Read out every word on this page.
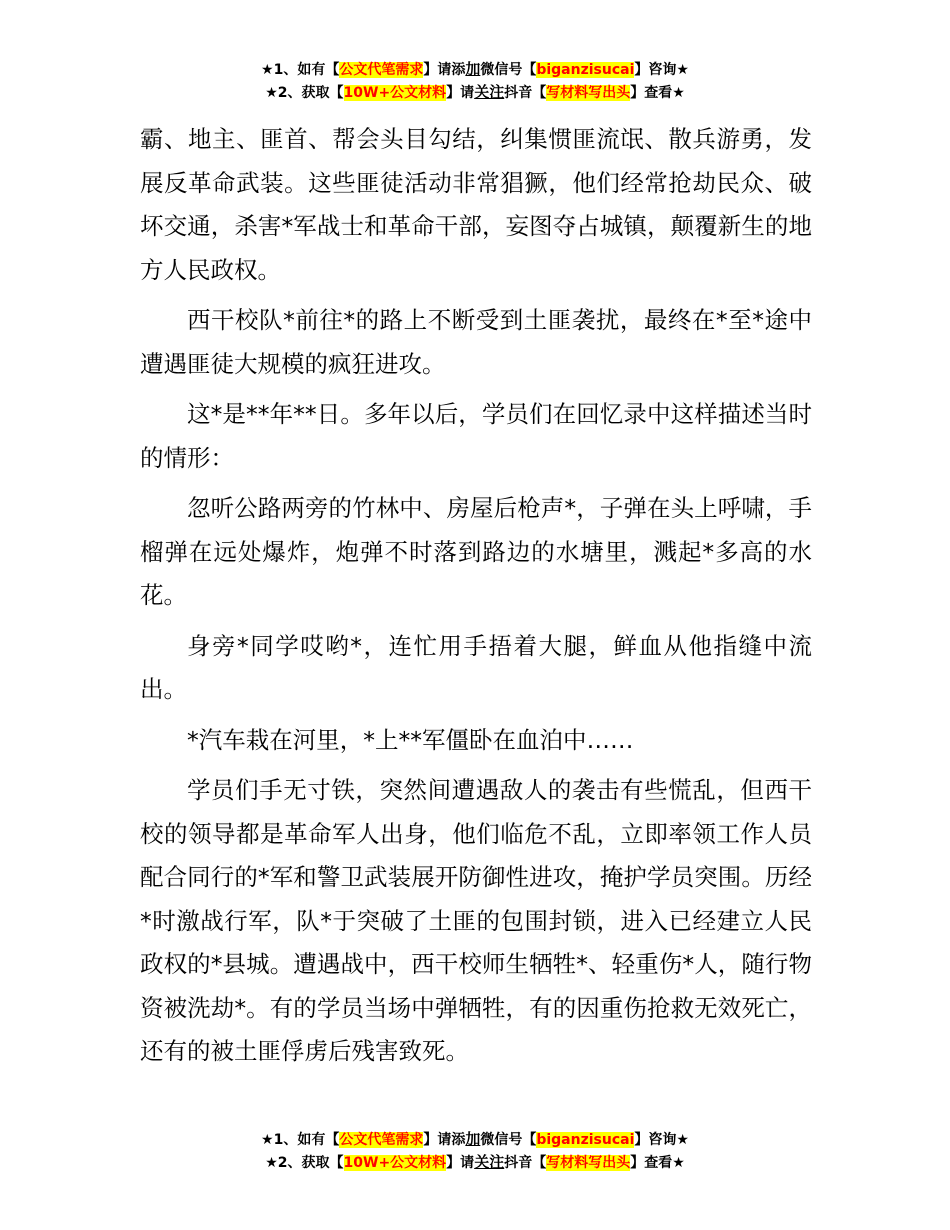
★1、如有【公文代笔需求】请添加微信号【biganzisucai】咨询★
★2、获取【10W+公文材料】请关注抖音【写材料写出头】查看★

霸、地主、匪首、帮会头目勾结，纠集惯匪流氓、散兵游勇，发展反革命武装。这些匪徒活动非常猖獗，他们经常抢劫民众、破坏交通，杀害*军战士和革命干部，妄图夺占城镇，颠覆新生的地方人民政权。

西干校队*前往*的路上不断受到土匪袭扰，最终在*至*途中遭遇匪徒大规模的疯狂进攻。

这*是**年**日。多年以后，学员们在回忆录中这样描述当时的情形：

忽听公路两旁的竹林中、房屋后枪声*，子弹在头上呼啸，手榴弹在远处爆炸，炮弹不时落到路边的水塘里，溅起*多高的水花。

身旁*同学哎哟*，连忙用手捂着大腿，鲜血从他指缝中流出。

*汽车栽在河里，*上**军僵卧在血泊中……

学员们手无寸铁，突然间遭遇敌人的袭击有些慌乱，但西干校的领导都是革命军人出身，他们临危不乱，立即率领工作人员配合同行的*军和警卫武装展开防御性进攻，掩护学员突围。历经*时激战行军，队*于突破了土匪的包围封锁，进入已经建立人民政权的*县城。遭遇战中，西干校师生牺牲*、轻重伤*人，随行物资被洗劫*。有的学员当场中弹牺牲，有的因重伤抢救无效死亡，还有的被土匪俘虏后残害致死。

★1、如有【公文代笔需求】请添加微信号【biganzisucai】咨询★
★2、获取【10W+公文材料】请关注抖音【写材料写出头】查看★
